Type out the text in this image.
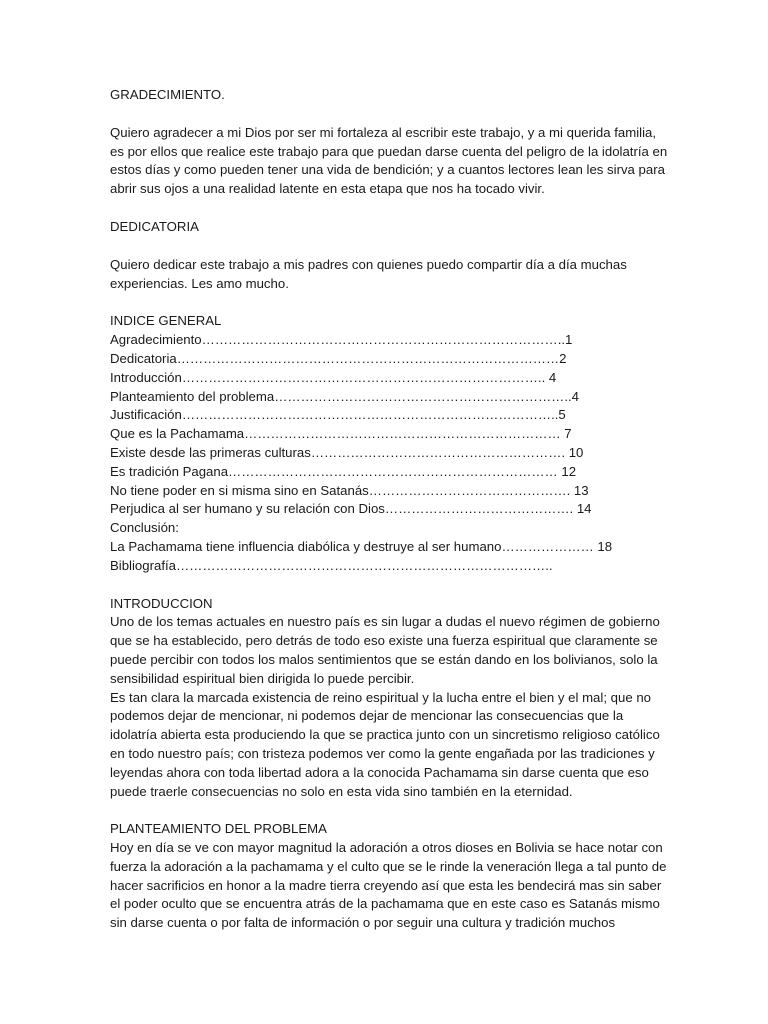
GRADECIMIENTO.

Quiero agradecer a mi Dios por ser mi fortaleza al escribir este trabajo, y a mi querida familia,

es por ellos que realice este trabajo para que puedan darse cuenta del peligro de la idolatría en

estos días y como pueden tener una vida de bendición; y a cuantos lectores lean les sirva para

abrir sus ojos a una realidad latente en esta etapa que nos ha tocado vivir.

DEDICATORIA

Quiero dedicar este trabajo a mis padres con quienes puedo compartir día a día muchas

experiencias. Les amo mucho.

INDICE GENERAL

Agradecimiento………………………………………………………………………..1

Dedicatoria……………………………………………………………………………2

Introducción……………………………………………………………………….. 4

Planteamiento del problema…………………………………………………………..4

Justificación…………………………………………………………………………..5

Que es la Pachamama……………………………………………………………… 7

Existe desde las primeras culturas…………………………………………………. 10

Es tradición Pagana………………………………………………………………… 12

No tiene poder en si misma sino en Satanás………………………………………. 13

Perjudica al ser humano y su relación con Dios……………………………………. 14

Conclusión:

La Pachamama tiene influencia diabólica y destruye al ser humano………………… 18

Bibliografía…………………………………………………………………………..

INTRODUCCION

Uno de los temas actuales en nuestro país es sin lugar a dudas el nuevo régimen de gobierno

que se ha establecido, pero detrás de todo eso existe una fuerza espiritual que claramente se

puede percibir con todos los malos sentimientos que se están dando en los bolivianos, solo la

sensibilidad espiritual bien dirigida lo puede percibir.

Es tan clara la marcada existencia de reino espiritual y la lucha entre el bien y el mal; que no

podemos dejar de mencionar, ni podemos dejar de mencionar las consecuencias que la

idolatría abierta esta produciendo la que se practica junto con un sincretismo religioso católico

en todo nuestro país; con tristeza podemos ver como la gente engañada por las tradiciones y

leyendas ahora con toda libertad adora a la conocida Pachamama sin darse cuenta que eso

puede traerle consecuencias no solo en esta vida sino también en la eternidad.

PLANTEAMIENTO DEL PROBLEMA

Hoy en día se ve con mayor magnitud la adoración a otros dioses en Bolivia se hace notar con

fuerza la adoración a la pachamama y el culto que se le rinde la veneración llega a tal punto de

hacer sacrificios en honor a la madre tierra creyendo así que esta les bendecirá mas sin saber

el poder oculto que se encuentra atrás de la pachamama que en este caso es Satanás mismo

sin darse cuenta o por falta de información o por seguir una cultura y tradición muchos
